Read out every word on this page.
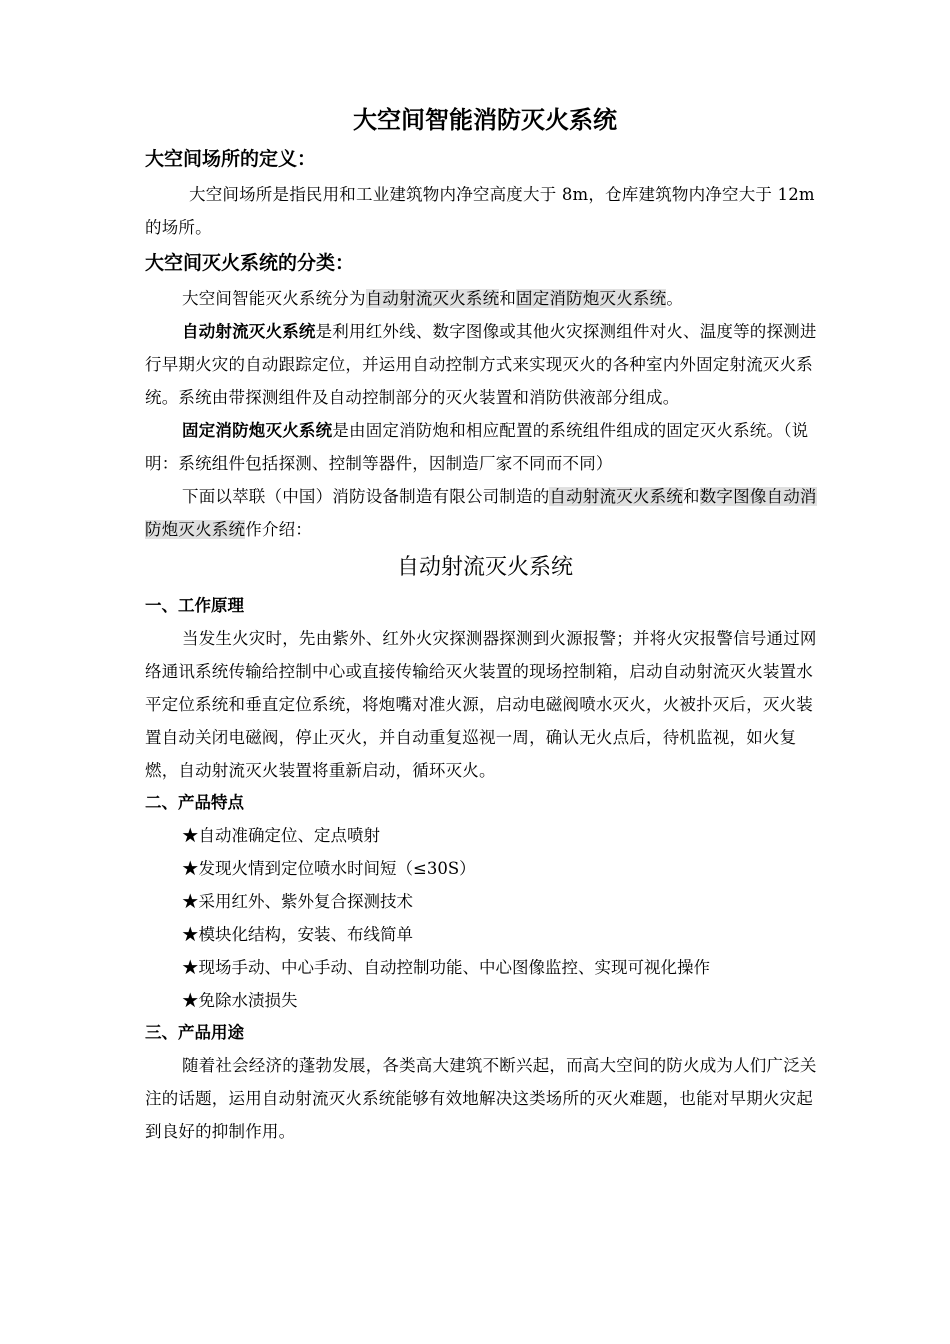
大空间智能消防灭火系统
大空间场所的定义：

大空间场所是指民用和工业建筑物内净空高度大于 8m，仓库建筑物内净空大于 12m 的场所。

大空间灭火系统的分类：

大空间智能灭火系统分为自动射流灭火系统和固定消防炮灭火系统。

自动射流灭火系统是利用红外线、数字图像或其他火灾探测组件对火、温度等的探测进行早期火灾的自动跟踪定位，并运用自动控制方式来实现灭火的各种室内外固定射流灭火系统。系统由带探测组件及自动控制部分的灭火装置和消防供液部分组成。

固定消防炮灭火系统是由固定消防炮和相应配置的系统组件组成的固定灭火系统。（说明：系统组件包括探测、控制等器件，因制造厂家不同而不同）

下面以萃联（中国）消防设备制造有限公司制造的自动射流灭火系统和数字图像自动消防炮灭火系统作介绍：

自动射流灭火系统
一、工作原理

当发生火灾时，先由紫外、红外火灾探测器探测到火源报警；并将火灾报警信号通过网络通讯系统传输给控制中心或直接传输给灭火装置的现场控制箱，启动自动射流灭火装置水平定位系统和垂直定位系统，将炮嘴对准火源，启动电磁阀喷水灭火，火被扑灭后，灭火装置自动关闭电磁阀，停止灭火，并自动重复巡视一周，确认无火点后，待机监视，如火复燃，自动射流灭火装置将重新启动，循环灭火。

二、产品特点

★自动准确定位、定点喷射

★发现火情到定位喷水时间短（≤30S）

★采用红外、紫外复合探测技术

★模块化结构，安装、布线简单

★现场手动、中心手动、自动控制功能、中心图像监控、实现可视化操作

★免除水渍损失

三、产品用途

随着社会经济的蓬勃发展，各类高大建筑不断兴起，而高大空间的防火成为人们广泛关注的话题，运用自动射流灭火系统能够有效地解决这类场所的灭火难题，也能对早期火灾起到良好的抑制作用。
